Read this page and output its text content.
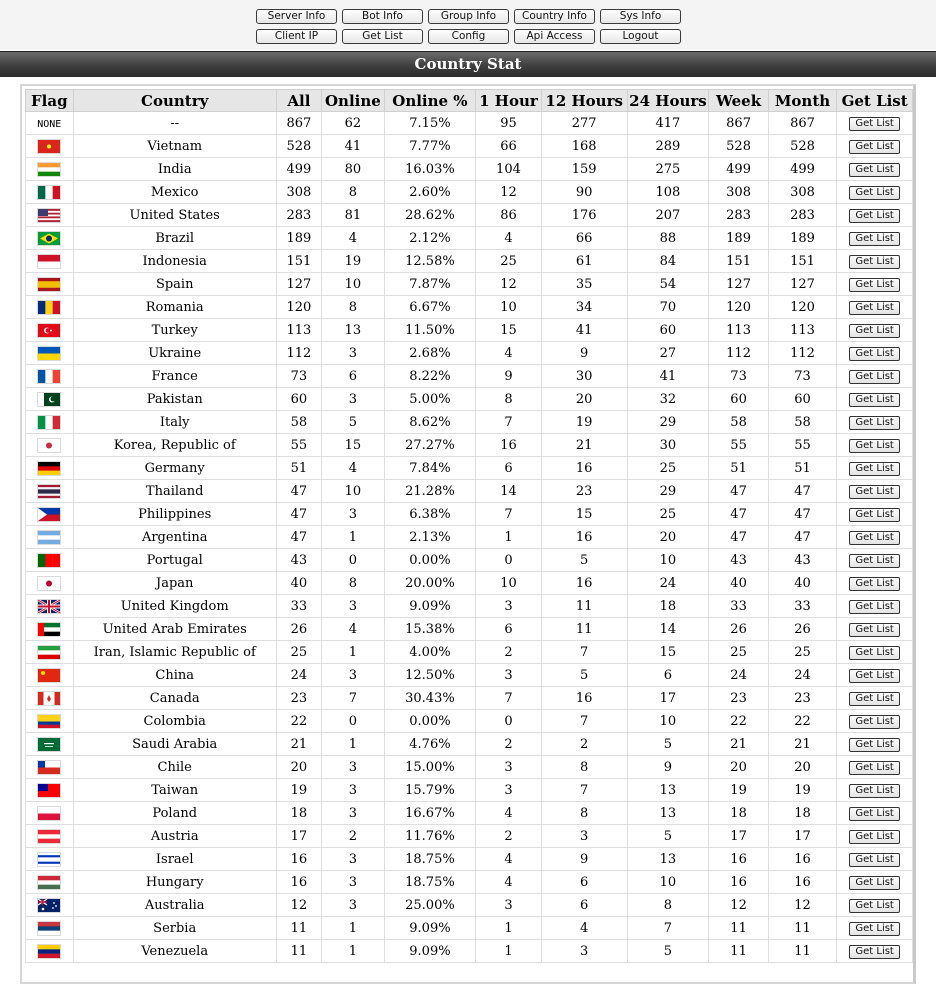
Server Info	Bot Info	Group Info	Country Info	Sys Info
Client IP	Get List	Config	Api Access	Logout
Country Stat
Flag	Country	All	Online	Online %	1 Hour	12 Hours	24 Hours	Week	Month	Get List
NONE	--	867	62	7.15%	95	277	417	867	867	Get List
	Vietnam	528	41	7.77%	66	168	289	528	528	Get List
	India	499	80	16.03%	104	159	275	499	499	Get List
	Mexico	308	8	2.60%	12	90	108	308	308	Get List
	United States	283	81	28.62%	86	176	207	283	283	Get List
	Brazil	189	4	2.12%	4	66	88	189	189	Get List
	Indonesia	151	19	12.58%	25	61	84	151	151	Get List
	Spain	127	10	7.87%	12	35	54	127	127	Get List
	Romania	120	8	6.67%	10	34	70	120	120	Get List
	Turkey	113	13	11.50%	15	41	60	113	113	Get List
	Ukraine	112	3	2.68%	4	9	27	112	112	Get List
	France	73	6	8.22%	9	30	41	73	73	Get List
	Pakistan	60	3	5.00%	8	20	32	60	60	Get List
	Italy	58	5	8.62%	7	19	29	58	58	Get List
	Korea, Republic of	55	15	27.27%	16	21	30	55	55	Get List
	Germany	51	4	7.84%	6	16	25	51	51	Get List
	Thailand	47	10	21.28%	14	23	29	47	47	Get List
	Philippines	47	3	6.38%	7	15	25	47	47	Get List
	Argentina	47	1	2.13%	1	16	20	47	47	Get List
	Portugal	43	0	0.00%	0	5	10	43	43	Get List
	Japan	40	8	20.00%	10	16	24	40	40	Get List
	United Kingdom	33	3	9.09%	3	11	18	33	33	Get List
	United Arab Emirates	26	4	15.38%	6	11	14	26	26	Get List
	Iran, Islamic Republic of	25	1	4.00%	2	7	15	25	25	Get List
	China	24	3	12.50%	3	5	6	24	24	Get List
	Canada	23	7	30.43%	7	16	17	23	23	Get List
	Colombia	22	0	0.00%	0	7	10	22	22	Get List
	Saudi Arabia	21	1	4.76%	2	2	5	21	21	Get List
	Chile	20	3	15.00%	3	8	9	20	20	Get List
	Taiwan	19	3	15.79%	3	7	13	19	19	Get List
	Poland	18	3	16.67%	4	8	13	18	18	Get List
	Austria	17	2	11.76%	2	3	5	17	17	Get List
	Israel	16	3	18.75%	4	9	13	16	16	Get List
	Hungary	16	3	18.75%	4	6	10	16	16	Get List
	Australia	12	3	25.00%	3	6	8	12	12	Get List
	Serbia	11	1	9.09%	1	4	7	11	11	Get List
	Venezuela	11	1	9.09%	1	3	5	11	11	Get List
